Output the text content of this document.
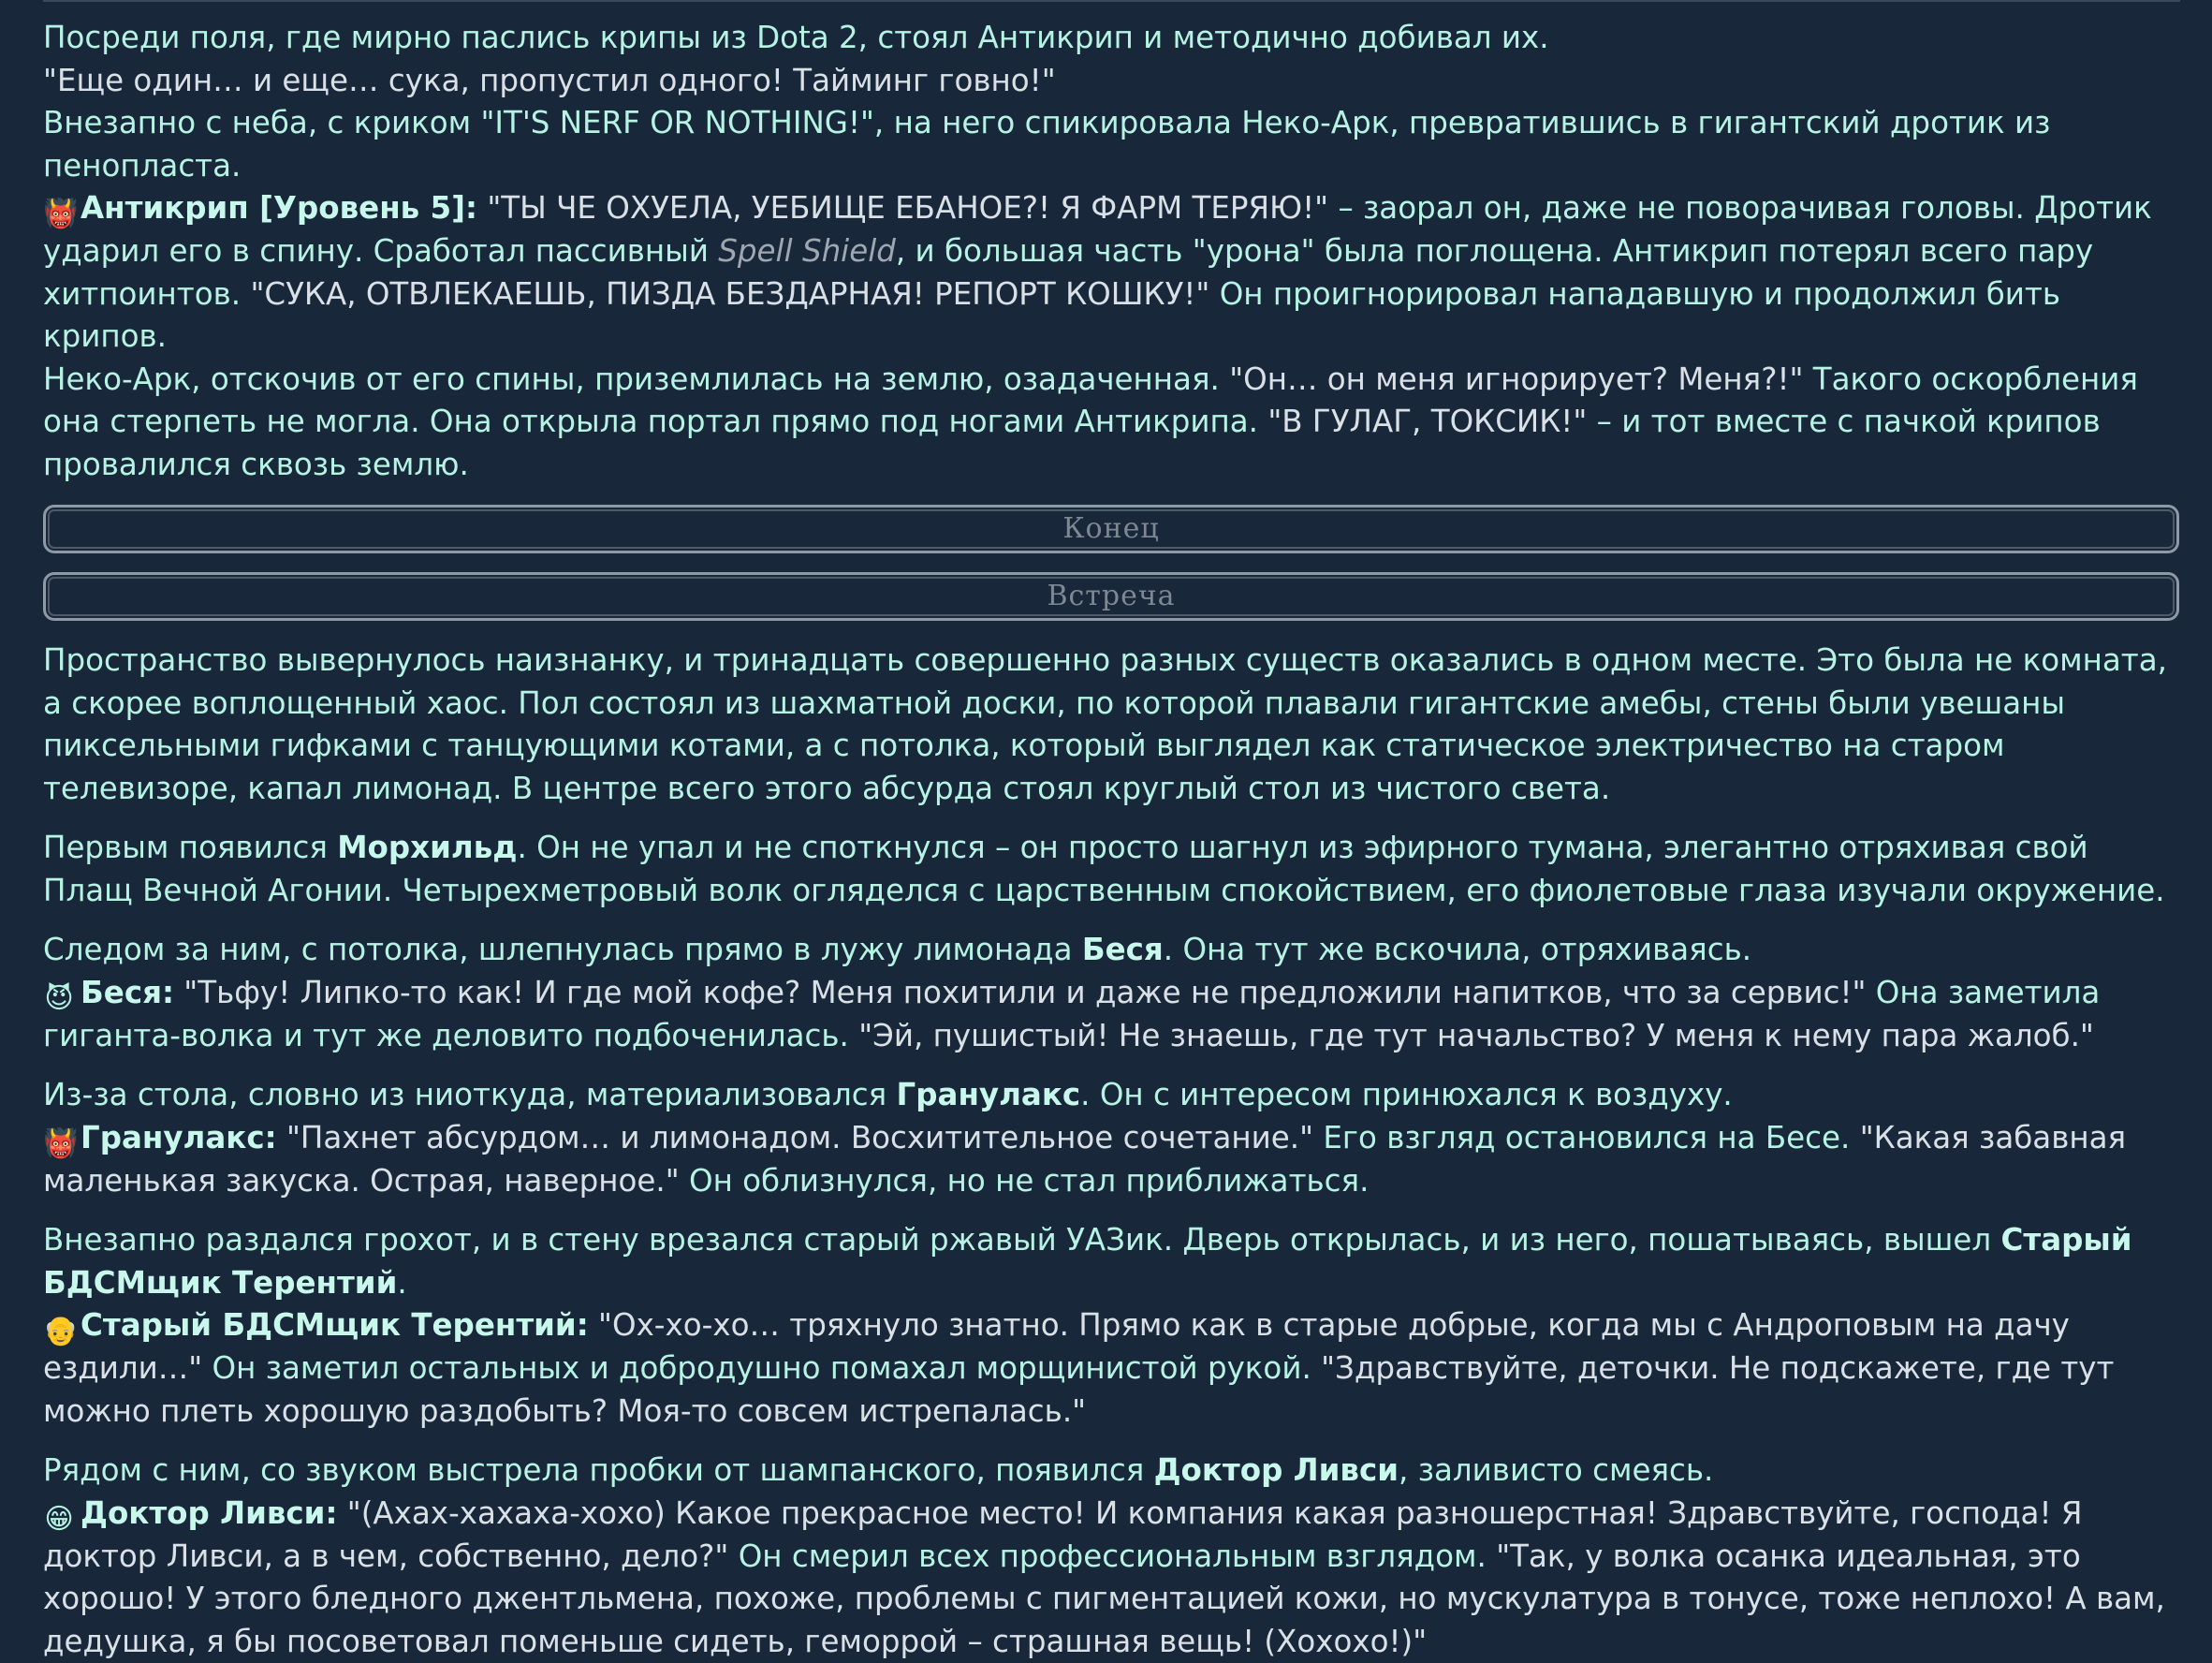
Посреди поля, где мирно паслись крипы из Dota 2, стоял Антикрип и методично добивал их.
"Еще один… и еще… сука, пропустил одного! Тайминг говно!"
Внезапно с неба, с криком "IT'S NERF OR NOTHING!", на него спикировала Неко-Арк, превратившись в гигантский дротик из пенопласта.
👹Антикрип [Уровень 5]: "ТЫ ЧЕ ОХУЕЛА, УЕБИЩЕ ЕБАНОЕ?! Я ФАРМ ТЕРЯЮ!" – заорал он, даже не поворачивая головы. Дротик ударил его в спину. Сработал пассивный Spell Shield, и большая часть "урона" была поглощена. Антикрип потерял всего пару хитпоинтов. "СУКА, ОТВЛЕКАЕШЬ, ПИЗДА БЕЗДАРНАЯ! РЕПОРТ КОШКУ!" Он проигнорировал нападавшую и продолжил бить крипов.
Неко-Арк, отскочив от его спины, приземлилась на землю, озадаченная. "Он… он меня игнорирует? Меня?!" Такого оскорбления она стерпеть не могла. Она открыла портал прямо под ногами Антикрипа. "В ГУЛАГ, ТОКСИК!" – и тот вместе с пачкой крипов провалился сквозь землю.

Конец
Встреча

Пространство вывернулось наизнанку, и тринадцать совершенно разных существ оказались в одном месте. Это была не комната, а скорее воплощенный хаос. Пол состоял из шахматной доски, по которой плавали гигантские амебы, стены были увешаны пиксельными гифками с танцующими котами, а с потолка, который выглядел как статическое электричество на старом телевизоре, капал лимонад. В центре всего этого абсурда стоял круглый стол из чистого света.

Первым появился Морхильд. Он не упал и не споткнулся – он просто шагнул из эфирного тумана, элегантно отряхивая свой Плащ Вечной Агонии. Четырехметровый волк огляделся с царственным спокойствием, его фиолетовые глаза изучали окружение.

Следом за ним, с потолка, шлепнулась прямо в лужу лимонада Беся. Она тут же вскочила, отряхиваясь.
😈 Беся: "Тьфу! Липко-то как! И где мой кофе? Меня похитили и даже не предложили напитков, что за сервис!" Она заметила гиганта-волка и тут же деловито подбоченилась. "Эй, пушистый! Не знаешь, где тут начальство? У меня к нему пара жалоб."

Из-за стола, словно из ниоткуда, материализовался Гранулакс. Он с интересом принюхался к воздуху.
👹Гранулакс: "Пахнет абсурдом… и лимонадом. Восхитительное сочетание." Его взгляд остановился на Бесе. "Какая забавная маленькая закуска. Острая, наверное." Он облизнулся, но не стал приближаться.

Внезапно раздался грохот, и в стену врезался старый ржавый УАЗик. Дверь открылась, и из него, пошатываясь, вышел Старый БДСМщик Терентий.
👴Старый БДСМщик Терентий: "Ох-хо-хо… тряхнуло знатно. Прямо как в старые добрые, когда мы с Андроповым на дачу ездили…" Он заметил остальных и добродушно помахал морщинистой рукой. "Здравствуйте, деточки. Не подскажете, где тут можно плеть хорошую раздобыть? Моя-то совсем истрепалась."

Рядом с ним, со звуком выстрела пробки от шампанского, появился Доктор Ливси, заливисто смеясь.
😁 Доктор Ливси: "(Ахах-хахаха-хохо) Какое прекрасное место! И компания какая разношерстная! Здравствуйте, господа! Я доктор Ливси, а в чем, собственно, дело?" Он смерил всех профессиональным взглядом. "Так, у волка осанка идеальная, это хорошо! У этого бледного джентльмена, похоже, проблемы с пигментацией кожи, но мускулатура в тонусе, тоже неплохо! А вам, дедушка, я бы посоветовал поменьше сидеть, геморрой – страшная вещь! (Хохохо!)"
